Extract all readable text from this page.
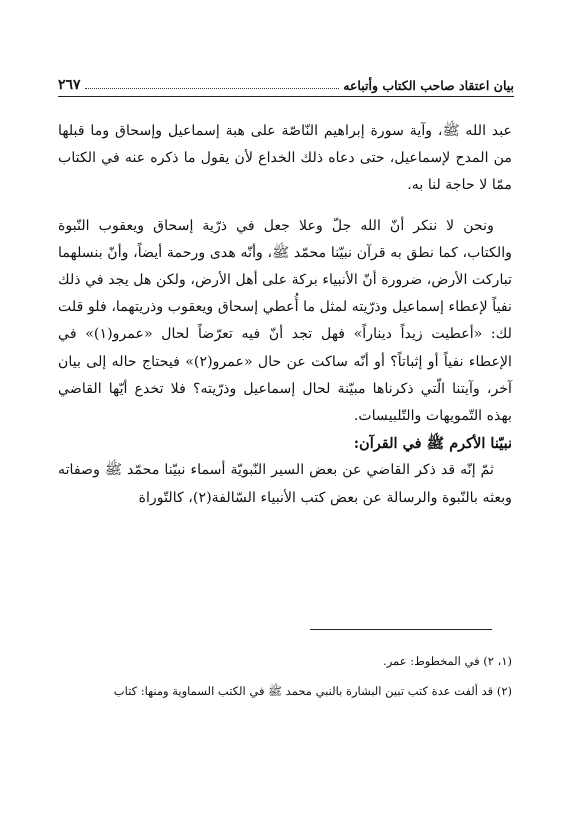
بيان اعتقاد صاحب الكتاب وأتباعه
٢٦٧

عبد الله ﷺ، وآية سورة إبراهيم النّاصّة على هبة إسماعيل وإسحاق وما قبلها من المدح لإسماعيل، حتى دعاه ذلك الخداع لأن يقول ما ذكره عنه في الكتاب ممّا لا حاجة لنا به.

ونحن لا ننكر أنّ الله جلّ وعلا جعل في ذرّية إسحاق ويعقوب النّبوة والكتاب، كما نطق به قرآن نبيّنا محمّد ﷺ، وأنّه هدى ورحمة أيضاً، وأنّ بنسلهما تباركت الأرض، ضرورة أنّ الأنبياء بركة على أهل الأرض، ولكن هل يجد في ذلك نفياً لإعطاء إسماعيل وذرّيته لمثل ما أُعطي إسحاق ويعقوب وذريتهما، فلو قلت لك: «أعطيت زيداً ديناراً» فهل تجد أنّ فيه تعرّضاً لحال «عمرو(١)» في الإعطاء نفياً أو إثباتاً؟ أو أنّه ساكت عن حال «عمرو(٢)» فيحتاج حاله إلى بيان آخر، وآيتنا الّتي ذكرناها مبيّنة لحال إسماعيل وذرّيته؟ فلا تخدع أيّها القاضي بهذه التّمويهات والتّلبيسات.

نبيّنا الأكرم ﷺ في القرآن:

ثمّ إنّه قد ذكر القاضي عن بعض السير النّبويّة أسماء نبيّنا محمّد ﷺ وصفاته وبعثه بالنّبوة والرسالة عن بعض كتب الأنبياء السّالفة(٢)، كالتّوراة

(١، ٢) في المخطوط: عمر.

(٢) قد ألفت عدة كتب تبين البشارة بالنبي محمد ﷺ في الكتب السماوية ومنها: كتاب
